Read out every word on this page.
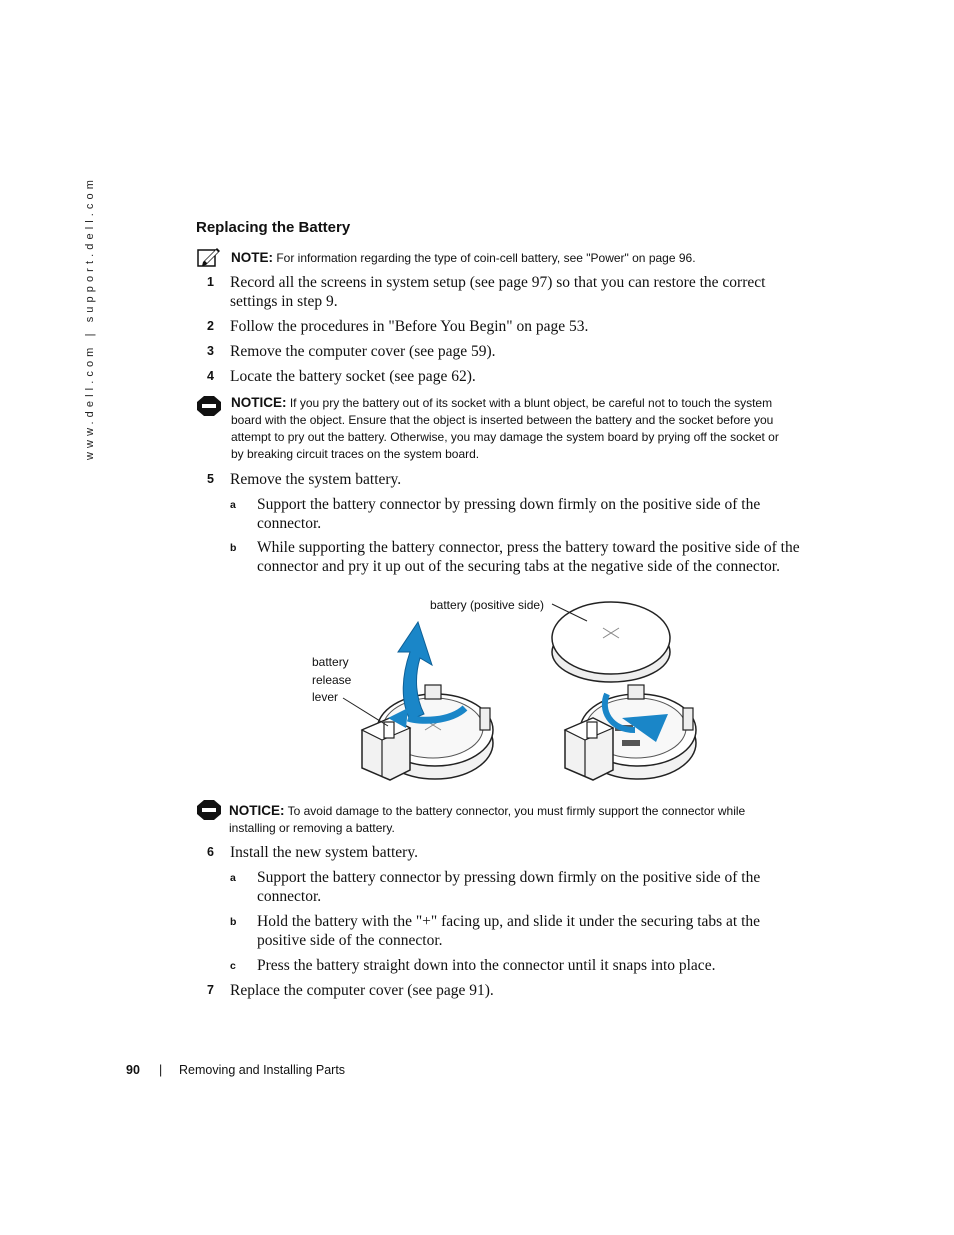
www.dell.com | support.dell.com	Replacing the Battery
NOTE: For information regarding the type of coin-cell battery, see "Power" on page 96.
1 Record all the screens in system setup (see page 97) so that you can restore the correct
settings in step 9.
2 Follow the procedures in "Before You Begin" on page 53.
3 Remove the computer cover (see page 59).
4 Locate the battery socket (see page 62).
NOTICE: If you pry the battery out of its socket with a blunt object, be careful not to touch the system
board with the object. Ensure that the object is inserted between the battery and the socket before you
attempt to pry out the battery. Otherwise, you may damage the system board by prying off the socket or
by breaking circuit traces on the system board.
5 Remove the system battery.
a Support the battery connector by pressing down firmly on the positive side of the
connector.
b While supporting the battery connector, press the battery toward the positive side of the
connector and pry it up out of the securing tabs at the negative side of the connector.
battery (positive side)
battery
release
lever
NOTICE: To avoid damage to the battery connector, you must firmly support the connector while
installing or removing a battery.
6 Install the new system battery.
a Support the battery connector by pressing down firmly on the positive side of the
connector.
b Hold the battery with the "+" facing up, and slide it under the securing tabs at the
positive side of the connector.
c Press the battery straight down into the connector until it snaps into place.
7 Replace the computer cover (see page 91).
90 | Removing and Installing Parts
